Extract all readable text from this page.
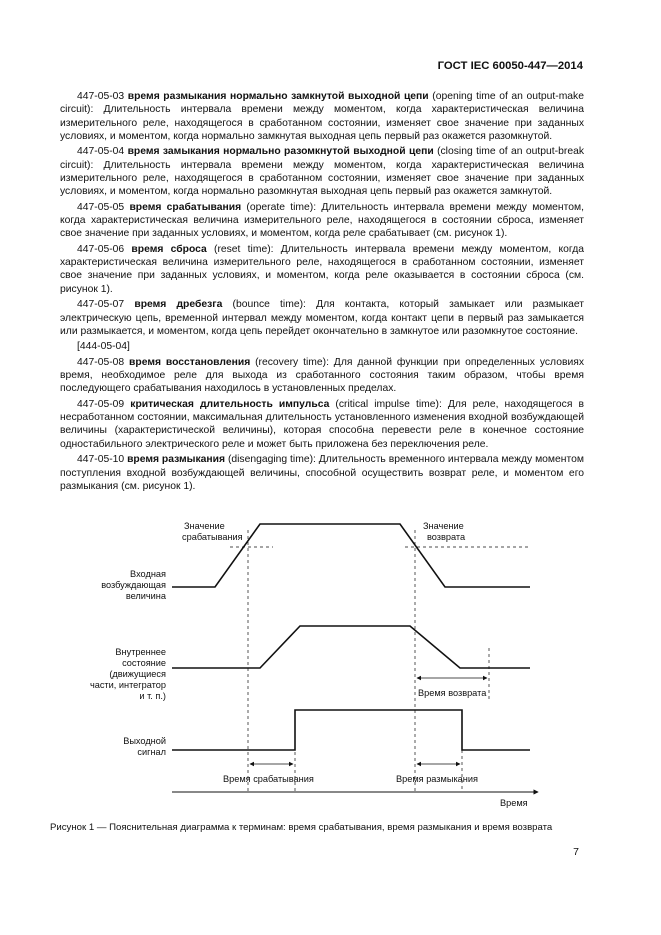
ГОСТ IEC 60050-447—2014

447-05-03 время размыкания нормально замкнутой выходной цепи (opening time of an output-make circuit): Длительность интервала времени между моментом, когда характеристическая величина измерительного реле, находящегося в сработанном состоянии, изменяет свое значение при заданных условиях, и моментом, когда нормально замкнутая выходная цепь первый раз окажется разомкнутой.

447-05-04 время замыкания нормально разомкнутой выходной цепи (closing time of an output-break circuit): Длительность интервала времени между моментом, когда характеристическая величина измерительного реле, находящегося в сработанном состоянии, изменяет свое значение при заданных условиях, и моментом, когда нормально разомкнутая выходная цепь первый раз окажется замкнутой.

447-05-05 время срабатывания (operate time): Длительность интервала времени между моментом, когда характеристическая величина измерительного реле, находящегося в состоянии сброса, изменяет свое значение при заданных условиях, и моментом, когда реле срабатывает (см. рисунок 1).

447-05-06 время сброса (reset time): Длительность интервала времени между моментом, когда характеристическая величина измерительного реле, находящегося в сработанном состоянии, изменяет свое значение при заданных условиях, и моментом, когда реле оказывается в состоянии сброса (см. рисунок 1).

447-05-07 время дребезга (bounce time): Для контакта, который замыкает или размыкает электрическую цепь, временной интервал между моментом, когда контакт цепи в первый раз замыкается или размыкается, и моментом, когда цепь перейдет окончательно в замкнутое или разомкнутое состояние.

[444-05-04]

447-05-08 время восстановления (recovery time): Для данной функции при определенных условиях время, необходимое реле для выхода из сработанного состояния таким образом, чтобы время последующего срабатывания находилось в установленных пределах.

447-05-09 критическая длительность импульса (critical impulse time): Для реле, находящегося в несработанном состоянии, максимальная длительность установленного изменения входной возбуждающей величины (характеристической величины), которая способна перевести реле в конечное состояние одностабильного электрического реле и может быть приложена без переключения реле.

447-05-10 время размыкания (disengaging time): Длительность временного интервала между моментом поступления входной возбуждающей величины, способной осуществить возврат реле, и моментом его размыкания (см. рисунок 1).

Значение срабатывания
Значение возврата
Входная возбуждающая величина
Внутреннее состояние (движущиеся части, интегратор и т. п.)
Выходной сигнал
Время возврата
Время срабатывания	Время размыкания
Время
Рисунок 1 — Пояснительная диаграмма к терминам: время срабатывания, время размыкания и время возврата
7
